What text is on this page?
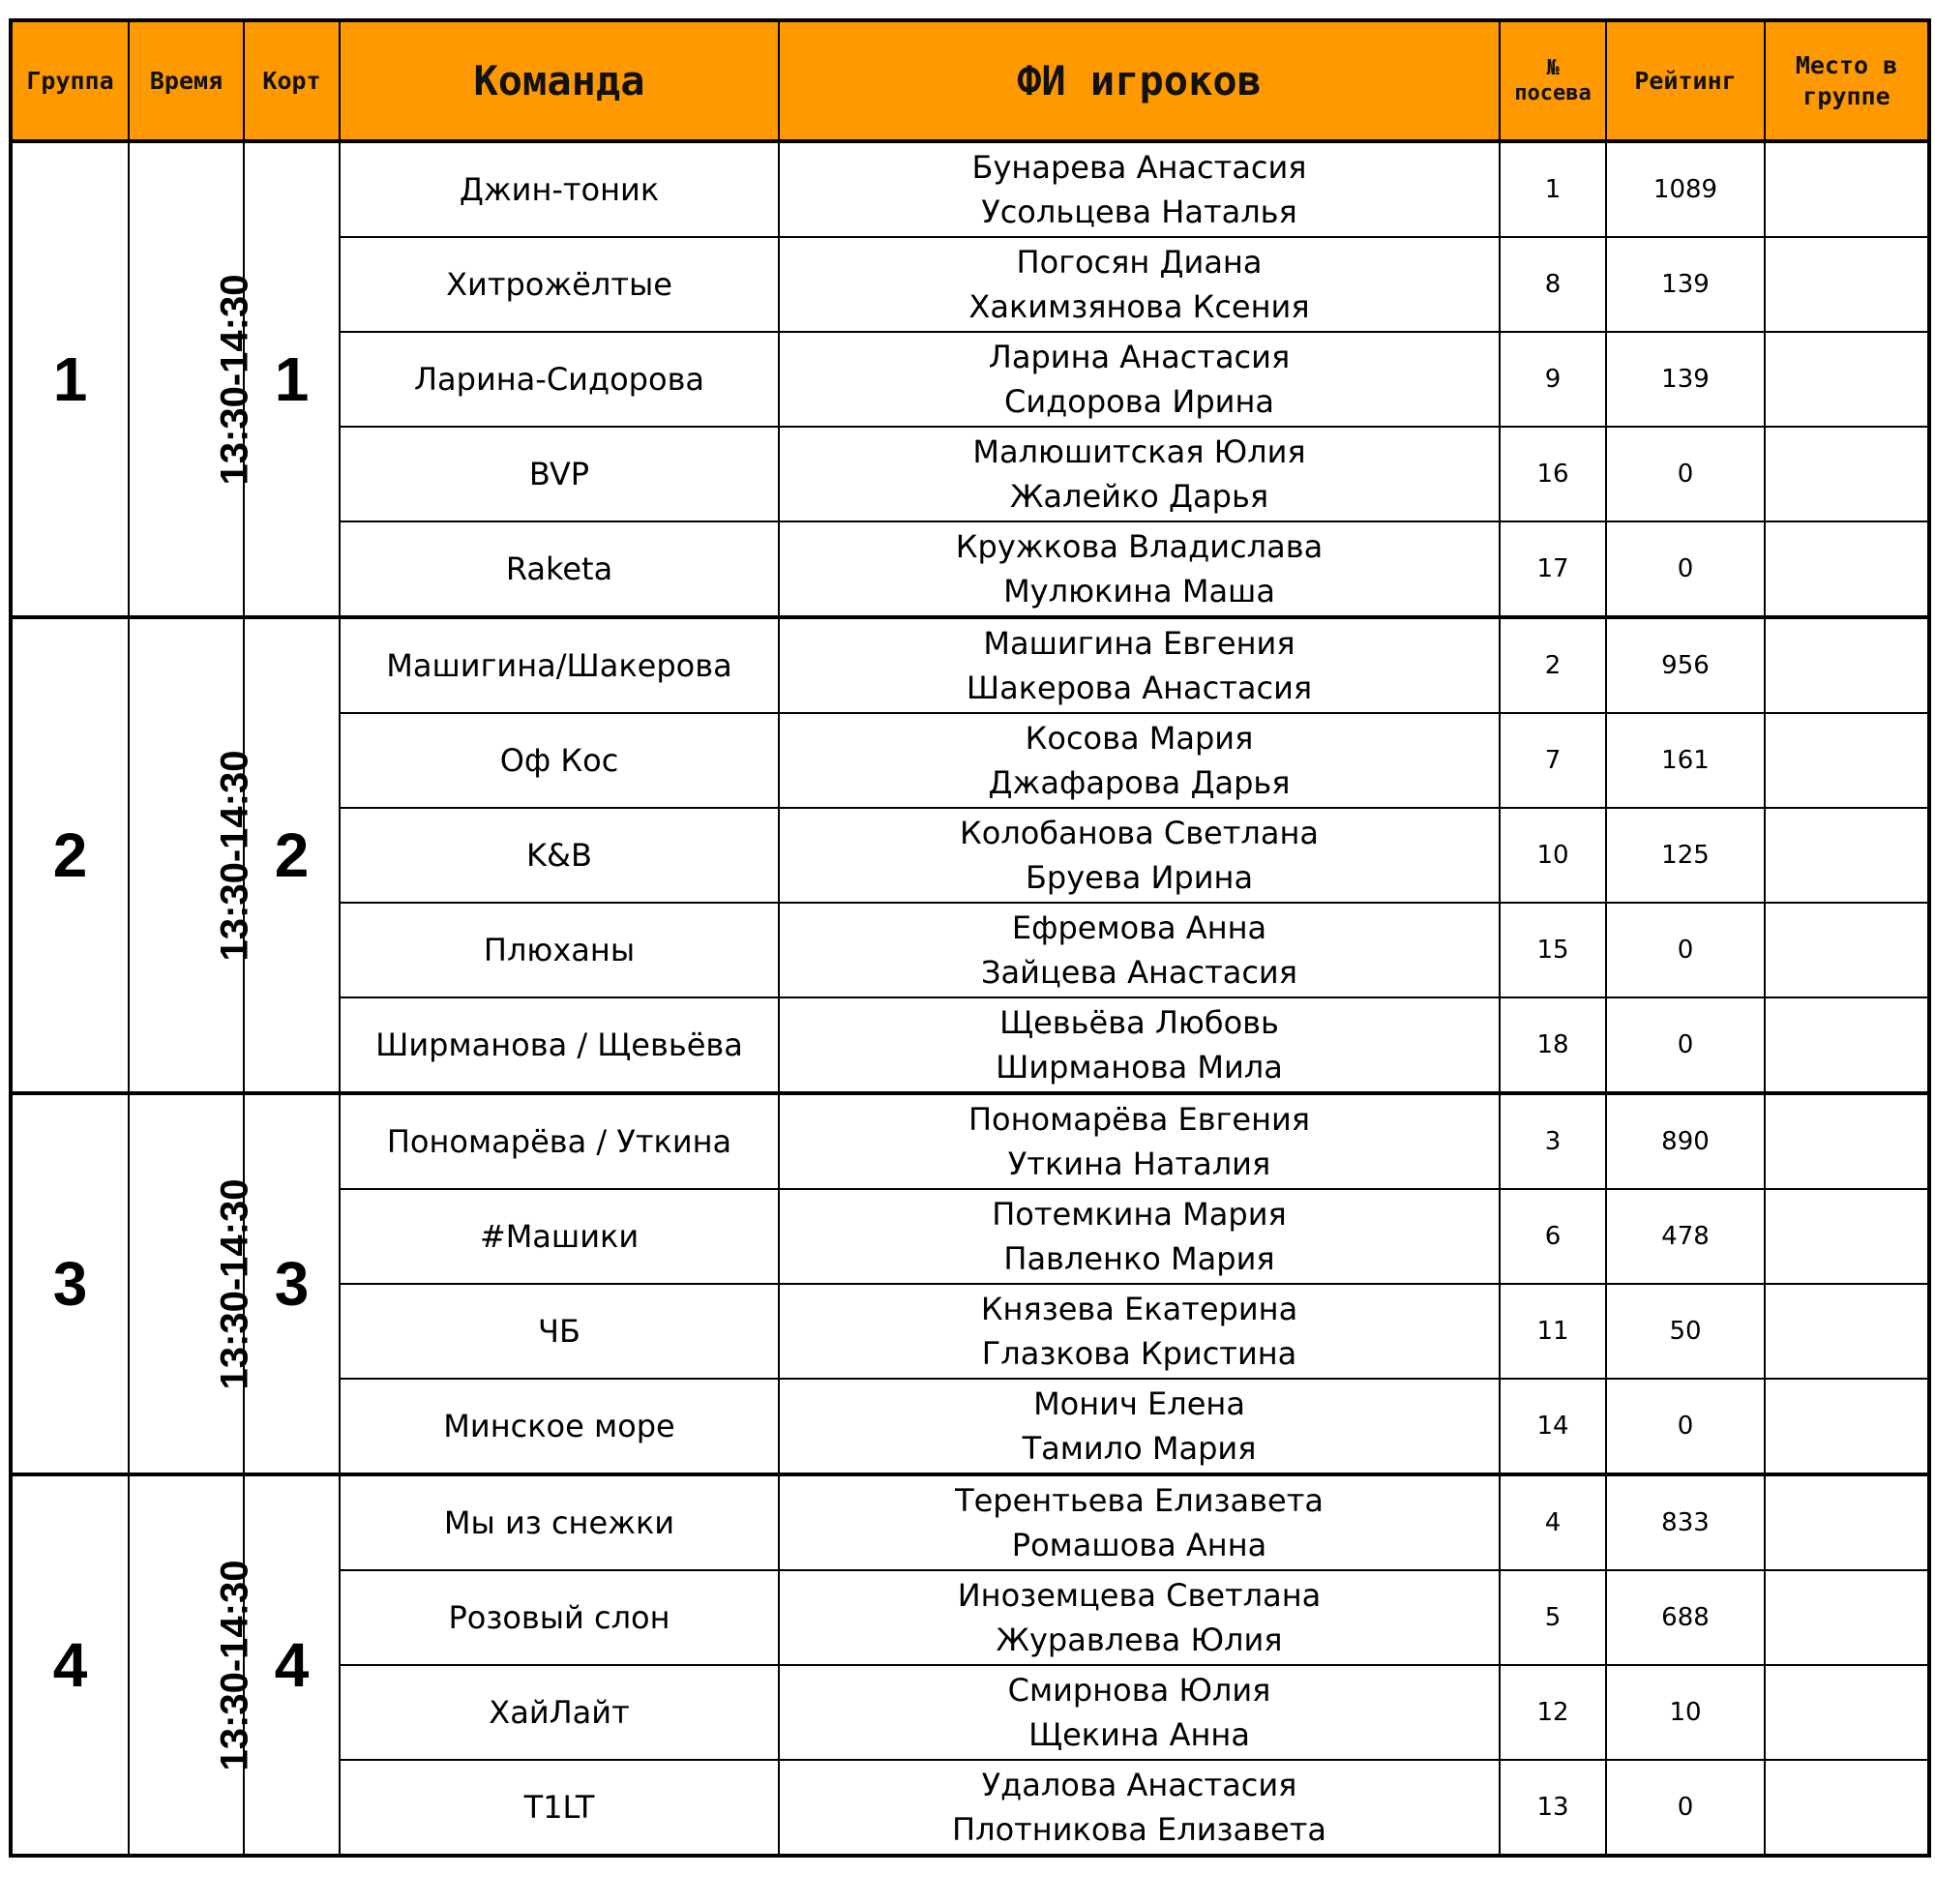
Группа	Время	Корт	Команда	ФИ игроков	№
посева	Рейтинг	Место в
группе

1	13:30-14:30	1	Джин-тоник	Бунарева Анастасия
Усольцева Наталья	1	1089	
			Хитрожёлтые	Погосян Диана
Хакимзянова Ксения	8	139	
			Ларина-Сидорова	Ларина Анастасия
Сидорова Ирина	9	139	
			BVP	Малюшитская Юлия
Жалейко Дарья	16	0	
			Raketa	Кружкова Владислава
Мулюкина Маша	17	0	
2	13:30-14:30	2	Машигина/Шакерова	Машигина Евгения
Шакерова Анастасия	2	956	
			Оф Кос	Косова Мария
Джафарова Дарья	7	161	
			K&B	Колобанова Светлана
Бруева Ирина	10	125	
			Плюханы	Ефремова Анна
Зайцева Анастасия	15	0	
			Ширманова / Щевьёва	Щевьёва Любовь
Ширманова Мила	18	0	
3	13:30-14:30	3	Пономарёва / Уткина	Пономарёва Евгения
Уткина Наталия	3	890	
			#Машики	Потемкина Мария
Павленко Мария	6	478	
			ЧБ	Князева Екатерина
Глазкова Кристина	11	50	
			Минское море	Монич Елена
Тамило Мария	14	0	
4	13:30-14:30	4	Мы из снежки	Терентьева Елизавета
Ромашова Анна	4	833	
			Розовый слон	Иноземцева Светлана
Журавлева Юлия	5	688	
			ХайЛайт	Смирнова Юлия
Щекина Анна	12	10	
			T1LT	Удалова Анастасия
Плотникова Елизавета	13	0	
